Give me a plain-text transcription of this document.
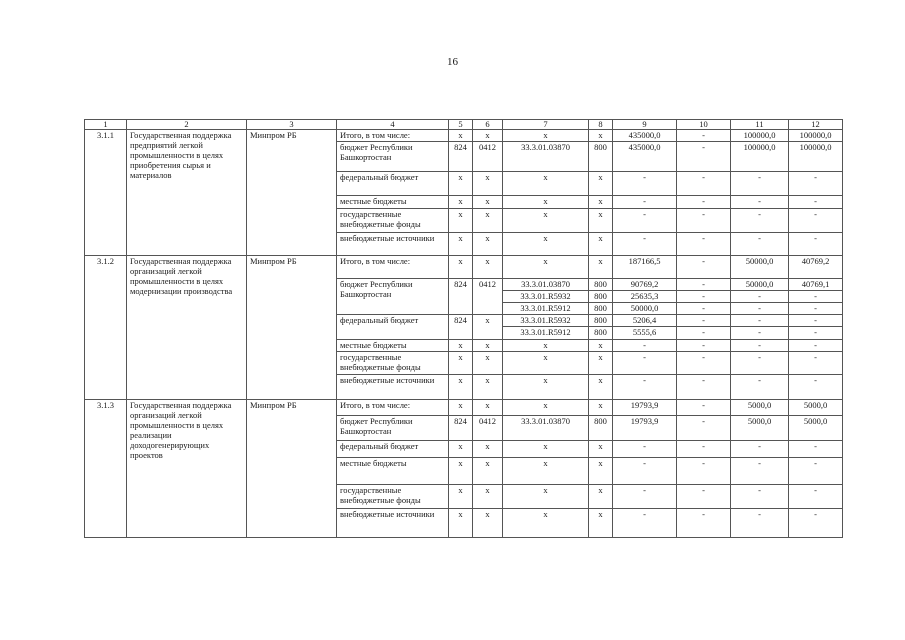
16
1	2	3	4	5	6	7	8	9	10	11	12
3.1.1	Государственная поддержка предприятий легкой промышленности в целях приобретения сырья и материалов	Минпром РБ	Итого, в том числе:	х	х	х	х	435000,0	-	100000,0	100000,0
			бюджет Республики Башкортостан	824	0412	33.3.01.03870	800	435000,0	-	100000,0	100000,0
			федеральный бюджет	х	х	х	х	-	-	-	-
			местные бюджеты	х	х	х	х	-	-	-	-
			государственные внебюджетные фонды	х	х	х	х	-	-	-	-
			внебюджетные источники	х	х	х	х	-	-	-	-
3.1.2	Государственная поддержка организаций легкой промышленности в целях модернизации производства	Минпром РБ	Итого, в том числе:	х	х	х	х	187166,5	-	50000,0	40769,2
			бюджет Республики Башкортостан	824	0412	33.3.01.03870	800	90769,2	-	50000,0	40769,1
						33.3.01.R5932	800	25635,3	-	-	-
						33.3.01.R5912	800	50000,0	-	-	-
			федеральный бюджет	824	х	33.3.01.R5932	800	5206,4	-	-	-
						33.3.01.R5912	800	5555,6	-	-	-
			местные бюджеты	х	х	х	х	-	-	-	-
			государственные внебюджетные фонды	х	х	х	х	-	-	-	-
			внебюджетные источники	х	х	х	х	-	-	-	-
3.1.3	Государственная поддержка организаций легкой промышленности в целях реализации доходогенерирующих проектов	Минпром РБ	Итого, в том числе:	х	х	х	х	19793,9	-	5000,0	5000,0
			бюджет Республики Башкортостан	824	0412	33.3.01.03870	800	19793,9	-	5000,0	5000,0
			федеральный бюджет	х	х	х	х	-	-	-	-
			местные бюджеты	х	х	х	х	-	-	-	-
			государственные внебюджетные фонды	х	х	х	х	-	-	-	-
			внебюджетные источники	х	х	х	х	-	-	-	-
